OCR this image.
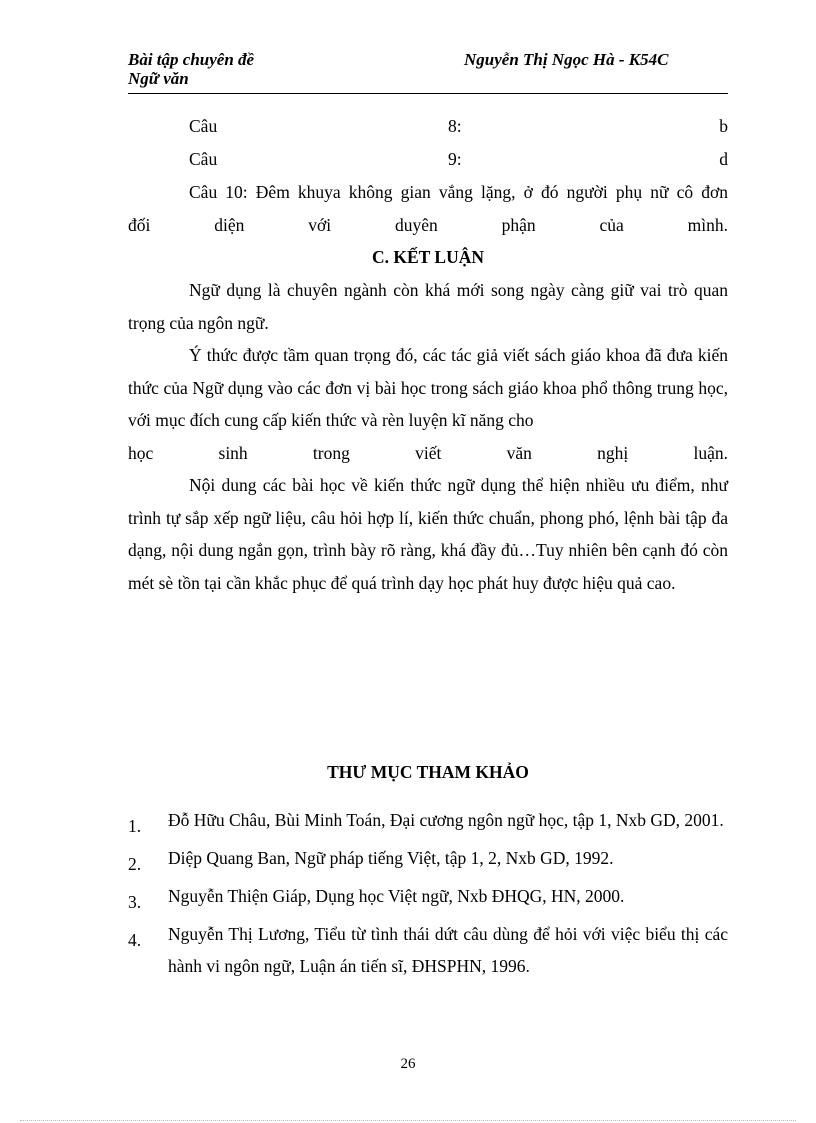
Bài tập chuyên đề
Ngữ văn
Nguyễn Thị Ngọc Hà - K54C
Câu	8:	b
Câu	9:	d

Câu 10: Đêm khuya không gian vắng lặng, ở đó người phụ nữ cô đơn

đối diện với duyên phận của mình.

C. KẾT LUẬN

Ngữ dụng là chuyên ngành còn khá mới song ngày càng giữ vai trò quan trọng của ngôn ngữ.

Ý thức được tầm quan trọng đó, các tác giả viết sách giáo khoa đã đưa kiến thức của Ngữ dụng vào các đơn vị bài học trong sách giáo khoa phổ thông trung học, với mục đích cung cấp kiến thức và rèn luyện kĩ năng cho

học sinh trong viết văn nghị luận.

Nội dung các bài học về kiến thức ngữ dụng thể hiện nhiều ưu điểm, như trình tự sắp xếp ngữ liệu, câu hỏi hợp lí, kiến thức chuẩn, phong phó, lệnh bài tập đa dạng, nội dung ngắn gọn, trình bày rõ ràng, khá đầy đủ…Tuy nhiên bên cạnh đó còn mét sè tồn tại cần khắc phục để quá trình dạy học phát huy được hiệu quả cao.

THƯ MỤC THAM KHẢO
1.	Đỗ Hữu Châu, Bùi Minh Toán, Đại cương ngôn ngữ học, tập 1, Nxb GD, 2001.
2.	Diệp Quang Ban, Ngữ pháp tiếng Việt, tập 1, 2, Nxb GD, 1992.
3.	Nguyễn Thiện Giáp, Dụng học Việt ngữ, Nxb ĐHQG, HN, 2000.
4.	Nguyễn Thị Lương, Tiểu từ tình thái dứt câu dùng để hỏi với việc biểu thị các hành vi ngôn ngữ, Luận án tiến sĩ, ĐHSPHN, 1996.
26
